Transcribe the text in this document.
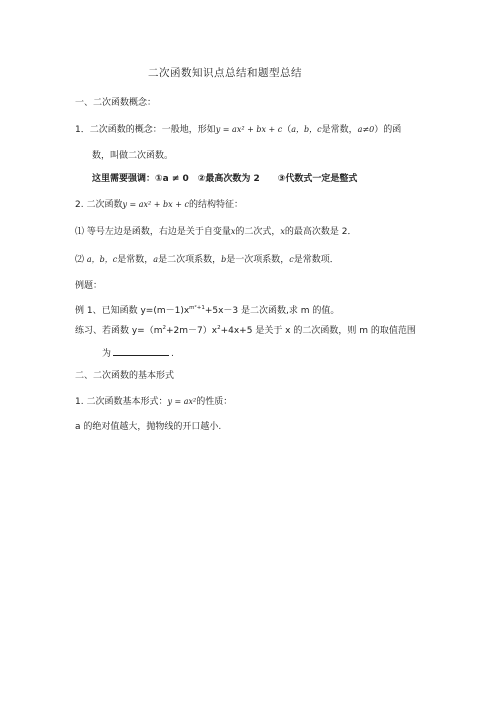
二次函数知识点总结和题型总结
一、二次函数概念：
1．二次函数的概念：一般地，形如y = ax² + bx + c（a，b，c是常数，a≠0）的函
数，叫做二次函数。
这里需要强调：①a ≠ 0　②最高次数为 2　　③代数式一定是整式
2. 二次函数y = ax² + bx + c的结构特征：
⑴ 等号左边是函数，右边是关于自变量x的二次式，x的最高次数是 2．
⑵ a，b，c是常数，a是二次项系数，b是一次项系数，c是常数项．
例题：
例 1、已知函数 $y=(m-1)x^{m^2+1}+5x-3$ 是二次函数,求 m 的值。
练习、若函数 $y=(m^2+2m-7)x^2+4x+5$ 是关于 x 的二次函数，则 m 的取值范围
为	.
二、二次函数的基本形式
1. 二次函数基本形式：y = ax²的性质：
a 的绝对值越大，抛物线的开口越小.
